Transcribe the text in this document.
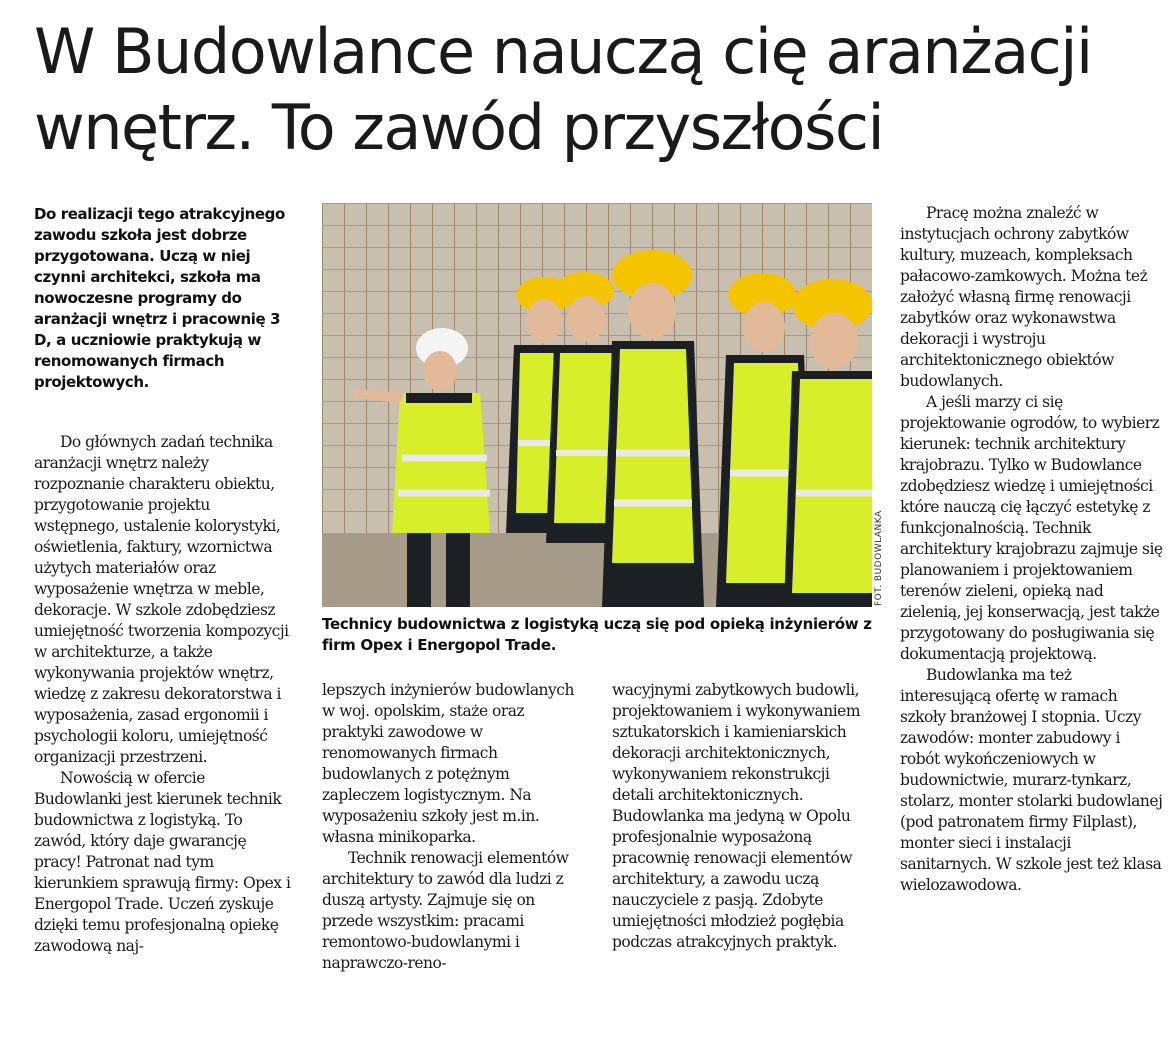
W Budowlance nauczą cię aranżacji
wnętrz. To zawód przyszłości

Do realizacji tego atrakcyjnego zawodu szkoła jest dobrze przygotowana. Uczą w niej czynni architekci, szkoła ma nowoczesne programy do aranżacji wnętrz i pracownię 3 D, a uczniowie praktykują w renomowanych firmach projektowych.

Do głównych zadań technika aranżacji wnętrz należy rozpoznanie charakteru obiektu, przygotowanie projektu wstępnego, ustalenie kolorystyki, oświetlenia, faktury, wzornictwa użytych materiałów oraz wyposażenie wnętrza w meble, dekoracje. W szkole zdobędziesz umiejętność tworzenia kompozycji w architekturze, a także wykonywania projektów wnętrz, wiedzę z zakresu dekoratorstwa i wyposażenia, zasad ergonomii i psychologii koloru, umiejętność organizacji przestrzeni.

Nowością w ofercie Budowlanki jest kierunek technik budownictwa z logistyką. To zawód, który daje gwarancję pracy! Patronat nad tym kierunkiem sprawują firmy: Opex i Energopol Trade. Uczeń zyskuje dzięki temu profesjonalną opiekę zawodową naj-

FOT. BUDOWLANKA

Technicy budownictwa z logistyką uczą się pod opieką inżynierów z firm Opex i Energopol Trade.

lepszych inżynierów budowlanych w woj. opolskim, staże oraz praktyki zawodowe w renomowanych firmach budowlanych z potężnym zapleczem logistycznym. Na wyposażeniu szkoły jest m.in. własna minikoparka.

Technik renowacji elementów architektury to zawód dla ludzi z duszą artysty. Zajmuje się on przede wszystkim: pracami remontowo-budowlanymi i naprawczo-reno-

wacyjnymi zabytkowych budowli, projektowaniem i wykonywaniem sztukatorskich i kamieniarskich dekoracji architektonicznych, wykonywaniem rekonstrukcji detali architektonicznych. Budowlanka ma jedyną w Opolu profesjonalnie wyposażoną pracownię renowacji elementów architektury, a zawodu uczą nauczyciele z pasją. Zdobyte umiejętności młodzież pogłębia podczas atrakcyjnych praktyk.

Pracę można znaleźć w instytucjach ochrony zabytków kultury, muzeach, kompleksach pałacowo-zamkowych. Można też założyć własną firmę renowacji zabytków oraz wykonawstwa dekoracji i wystroju architektonicznego obiektów budowlanych.

A jeśli marzy ci się projektowanie ogrodów, to wybierz kierunek: technik architektury krajobrazu. Tylko w Budowlance zdobędziesz wiedzę i umiejętności które nauczą cię łączyć estetykę z funkcjonalnością. Technik architektury krajobrazu zajmuje się planowaniem i projektowaniem terenów zieleni, opieką nad zielenią, jej konserwacją, jest także przygotowany do posługiwania się dokumentacją projektową.

Budowlanka ma też interesującą ofertę w ramach szkoły branżowej I stopnia. Uczy zawodów: monter zabudowy i robót wykończeniowych w budownictwie, murarz-tynkarz, stolarz, monter stolarki budowlanej (pod patronatem firmy Filplast), monter sieci i instalacji sanitarnych. W szkole jest też klasa wielozawodowa.
